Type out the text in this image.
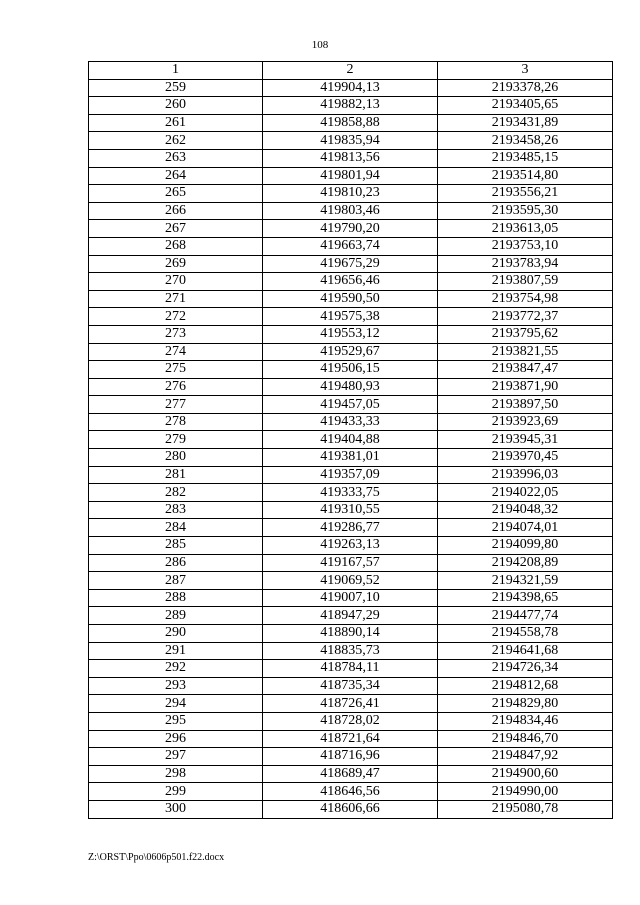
108
1	2	3
259	419904,13	2193378,26
260	419882,13	2193405,65
261	419858,88	2193431,89
262	419835,94	2193458,26
263	419813,56	2193485,15
264	419801,94	2193514,80
265	419810,23	2193556,21
266	419803,46	2193595,30
267	419790,20	2193613,05
268	419663,74	2193753,10
269	419675,29	2193783,94
270	419656,46	2193807,59
271	419590,50	2193754,98
272	419575,38	2193772,37
273	419553,12	2193795,62
274	419529,67	2193821,55
275	419506,15	2193847,47
276	419480,93	2193871,90
277	419457,05	2193897,50
278	419433,33	2193923,69
279	419404,88	2193945,31
280	419381,01	2193970,45
281	419357,09	2193996,03
282	419333,75	2194022,05
283	419310,55	2194048,32
284	419286,77	2194074,01
285	419263,13	2194099,80
286	419167,57	2194208,89
287	419069,52	2194321,59
288	419007,10	2194398,65
289	418947,29	2194477,74
290	418890,14	2194558,78
291	418835,73	2194641,68
292	418784,11	2194726,34
293	418735,34	2194812,68
294	418726,41	2194829,80
295	418728,02	2194834,46
296	418721,64	2194846,70
297	418716,96	2194847,92
298	418689,47	2194900,60
299	418646,56	2194990,00
300	418606,66	2195080,78
Z:\ORST\Ppo\0606p501.f22.docx
